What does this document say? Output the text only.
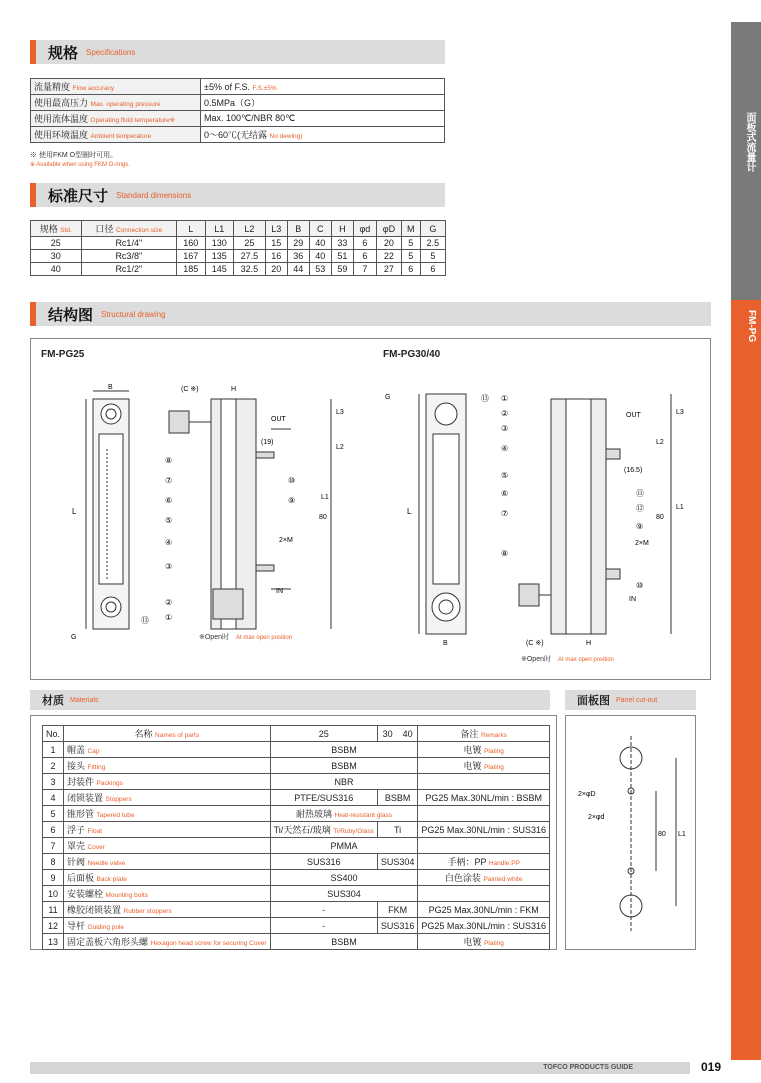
面板式流量计
FM-PG
规格 Specifications
流量精度 Flow accuracy	±5% of F.S. F.S.±5%
使用最高压力 Max. operating pressure	0.5MPa（G）
使用流体温度 Operating fluid temperature※	Max. 100℃/NBR 80℃
使用环境温度 Ambient temperature	0～60℃(无结露 No dewing)
※ 使用FKM O型圈时可用。
※ Available when using FKM O-rings.
标准尺寸 Standard dimensions
规格 Std.	口径 Connection size	L	L1	L2	L3	B	C	H	φd	φD	M	G
25	Rc1/4"	160	130	25	15	29	40	33	6	20	5	2.5
30	Rc3/8"	167	135	27.5	16	36	40	51	6	22	5	5
40	Rc1/2"	185	145	32.5	20	44	53	59	7	27	6	6
结构图 Structural drawing
FM-PG25	FM-PG30/40
L
B
G
(C ※)	H
OUT
IN
(19)
2×M
80
L1
L3
L2
※Open时 At max open position
⑧
⑦
⑥
⑤
④
③
②
①
⑩
⑨
⑬
L
B
G
(C ※)	H
OUT
IN
(16.5)
2×M
80
L1
L3
L2
※Open时 At max open position
①
②
③
④
⑤
⑥
⑦
⑧
⑨
⑩
⑪
⑫
⑬
材质 Materials
No.	名称 Names of parts	25	30 40	备注 Remarks
1	帽盖 Cap	BSBM		电镀 Plating
2	接头 Fitting	BSBM		电镀 Plating
3	封装件 Packings	NBR		
4	闭锁装置 Stoppers	PTFE/SUS316	BSBM	PG25 Max.30NL/min : BSBM
5	锥形管 Tapered tube	耐热玻璃 Heat-resistant glass		
6	浮子 Float	Ti/天然石/玻璃 Ti/Ruby/Glass	Ti	PG25 Max.30NL/min : SUS316
7	罩壳 Cover	PMMA		
8	针阀 Needle valve	SUS316	SUS304	手柄：PP Handle:PP
9	后面板 Back plate	SS400		白色涂装 Painted white
10	安装螺栓 Mounting bolts	SUS304		
11	橡胶闭锁装置 Rubber stoppers	-	FKM	PG25 Max.30NL/min : FKM
12	导杆 Guiding pole	-	SUS316	PG25 Max.30NL/min : SUS316
13	固定盖板六角形头螺 Hexagon head screw for securing Cover	BSBM		电镀 Plating
2×φD
2×φd
80 L1
面板图 Panel cut-out
TOFCO PRODUCTS GUIDE	019
